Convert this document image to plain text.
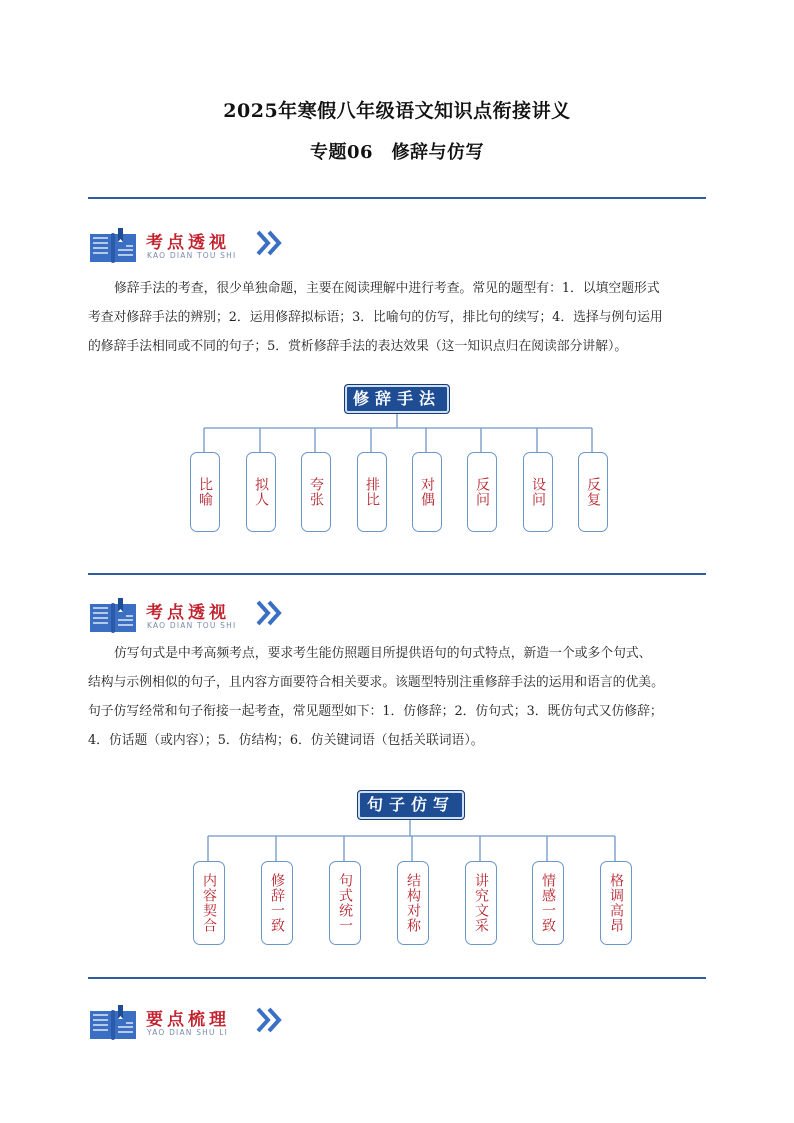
2025年寒假八年级语文知识点衔接讲义
专题06　修辞与仿写
考点透视
KAO DIAN TOU SHI
修辞手法的考查，很少单独命题，主要在阅读理解中进行考查。常见的题型有：1．以填空题形式
考查对修辞手法的辨别；2．运用修辞拟标语；3．比喻句的仿写，排比句的续写；4．选择与例句运用
的修辞手法相同或不同的句子；5．赏析修辞手法的表达效果（这一知识点归在阅读部分讲解）。
修辞手法
比喻	拟人	夸张	排比	对偶	反问	设问	反复
考点透视
KAO DIAN TOU SHI
仿写句式是中考高频考点，要求考生能仿照题目所提供语句的句式特点，新造一个或多个句式、
结构与示例相似的句子，且内容方面要符合相关要求。该题型特别注重修辞手法的运用和语言的优美。
句子仿写经常和句子衔接一起考查，常见题型如下：1．仿修辞；2．仿句式；3．既仿句式又仿修辞；
4．仿话题（或内容）；5．仿结构；6．仿关键词语（包括关联词语）。
句子仿写
内容契合	修辞一致	句式统一	结构对称	讲究文采	情感一致	格调高昂
要点梳理
YAO DIAN SHU LI
